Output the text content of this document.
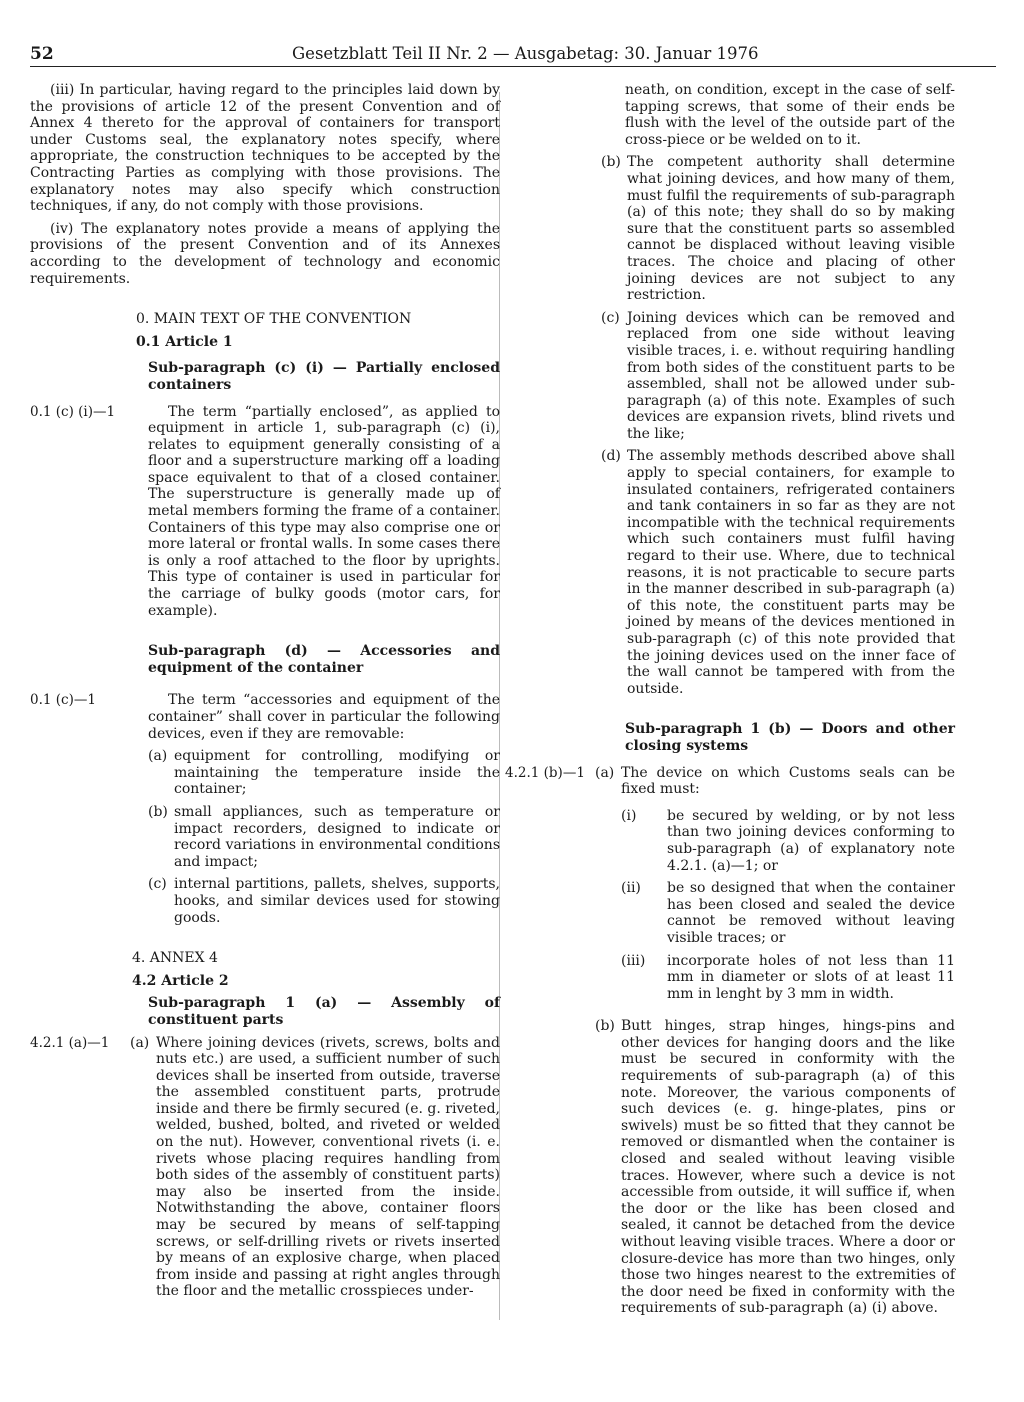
52	Gesetzblatt Teil II Nr. 2 — Ausgabetag: 30. Januar 1976

(iii) In particular, having regard to the principles laid down by the provisions of article 12 of the present Convention and of Annex 4 thereto for the approval of containers for transport under Customs seal, the explanatory notes specify, where appropriate, the construction techniques to be accepted by the Contracting Parties as complying with those provisions. The explanatory notes may also specify which construction techniques, if any, do not comply with those provisions.

(iv) The explanatory notes provide a means of applying the provisions of the present Convention and of its Annexes according to the development of technology and economic requirements.

0. MAIN TEXT OF THE CONVENTION

0.1 Article 1

Sub-paragraph (c) (i) — Partially enclosed containers

0.1 (c) (i)—1	The term “partially enclosed”, as applied to equipment in article 1, sub-paragraph (c) (i), relates to equipment generally consisting of a floor and a superstructure marking off a loading space equivalent to that of a closed container. The superstructure is generally made up of metal members forming the frame of a container. Containers of this type may also comprise one or more lateral or frontal walls. In some cases there is only a roof attached to the floor by uprights. This type of container is used in particular for the carriage of bulky goods (motor cars, for example).

Sub-paragraph (d) — Accessories and equipment of the container

0.1 (c)—1	The term “accessories and equipment of the container” shall cover in particular the following devices, even if they are removable:

(a) equipment for controlling, modifying or maintaining the temperature inside the container;
(b) small appliances, such as temperature or impact recorders, designed to indicate or record variations in environmental conditions and impact;
(c) internal partitions, pallets, shelves, supports, hooks, and similar devices used for stowing goods.

4. ANNEX 4

4.2 Article 2

Sub-paragraph 1 (a) — Assembly of constituent parts

4.2.1 (a)—1	(a) Where joining devices (rivets, screws, bolts and nuts etc.) are used, a sufficient number of such devices shall be inserted from outside, traverse the assembled constituent parts, protrude inside and there be firmly secured (e. g. riveted, welded, bushed, bolted, and riveted or welded on the nut). However, conventional rivets (i. e. rivets whose placing requires handling from both sides of the assembly of constituent parts) may also be inserted from the inside. Notwithstanding the above, container floors may be secured by means of self-tapping screws, or self-drilling rivets or rivets inserted by means of an explosive charge, when placed from inside and passing at right angles through the floor and the metallic crosspieces under-

neath, on condition, except in the case of self-tapping screws, that some of their ends be flush with the level of the outside part of the cross-piece or be welded on to it.

(b) The competent authority shall determine what joining devices, and how many of them, must fulfil the requirements of sub-paragraph (a) of this note; they shall do so by making sure that the constituent parts so assembled cannot be displaced without leaving visible traces. The choice and placing of other joining devices are not subject to any restriction.
(c) Joining devices which can be removed and replaced from one side without leaving visible traces, i. e. without requiring handling from both sides of the constituent parts to be assembled, shall not be allowed under sub-paragraph (a) of this note. Examples of such devices are expansion rivets, blind rivets und the like;
(d) The assembly methods described above shall apply to special containers, for example to insulated containers, refrigerated containers and tank containers in so far as they are not incompatible with the technical requirements which such containers must fulfil having regard to their use. Where, due to technical reasons, it is not practicable to secure parts in the manner described in sub-paragraph (a) of this note, the constituent parts may be joined by means of the devices mentioned in sub-paragraph (c) of this note provided that the joining devices used on the inner face of the wall cannot be tampered with from the outside.

Sub-paragraph 1 (b) — Doors and other closing systems

4.2.1 (b)—1 (a) The device on which Customs seals can be fixed must:
(i)	be secured by welding, or by not less than two joining devices conforming to sub-paragraph (a) of explanatory note 4.2.1. (a)—1; or
(ii)	be so designed that when the container has been closed and sealed the device cannot be removed without leaving visible traces; or
(iii)	incorporate holes of not less than 11 mm in diameter or slots of at least 11 mm in lenght by 3 mm in width.
(b) Butt hinges, strap hinges, hings-pins and other devices for hanging doors and the like must be secured in conformity with the requirements of sub-paragraph (a) of this note. Moreover, the various components of such devices (e. g. hinge-plates, pins or swivels) must be so fitted that they cannot be removed or dismantled when the container is closed and sealed without leaving visible traces. However, where such a device is not accessible from outside, it will suffice if, when the door or the like has been closed and sealed, it cannot be detached from the device without leaving visible traces. Where a door or closure-device has more than two hinges, only those two hinges nearest to the extremities of the door need be fixed in conformity with the requirements of sub-paragraph (a) (i) above.
